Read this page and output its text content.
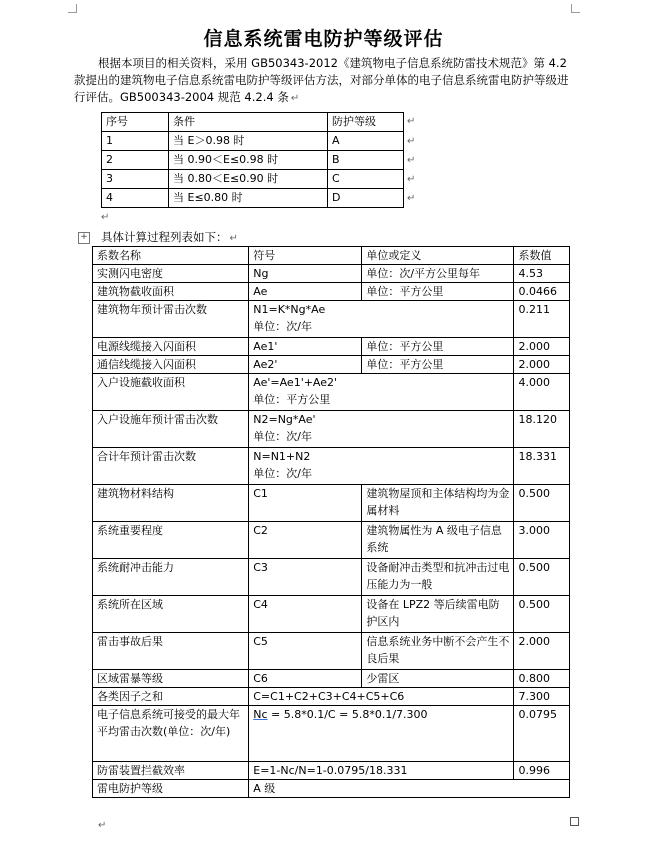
信息系统雷电防护等级评估
根据本项目的相关资料，采用 GB50343-2012《建筑物电子信息系统防雷技术规范》第 4.2 款提出的建筑物电子信息系统雷电防护等级评估方法，对部分单体的电子信息系统雷电防护等级进行评估。GB500343-2004 规范 4.2.4 条 ↵
序号	条件	防护等级
1	当 E＞0.98 时	A
2	当 0.90＜E≤0.98 时	B
3	当 0.80＜E≤0.90 时	C
4	当 E≤0.80 时	D
↵
↵
↵
↵
↵
↵
+ 具体计算过程列表如下： ↵
系数名称	符号	单位或定义	系数值
实测闪电密度	Ng	单位：次/平方公里每年	4.53
建筑物截收面积	Ae	单位：平方公里	0.0466
建筑物年预计雷击次数	N1=K*Ng*Ae
单位：次/年		0.211
电源线缆接入闪面积	Ae1'	单位：平方公里	2.000
通信线缆接入闪面积	Ae2'	单位：平方公里	2.000
入户设施截收面积	Ae'=Ae1'+Ae2'
单位：平方公里		4.000
入户设施年预计雷击次数	N2=Ng*Ae'
单位：次/年		18.120
合计年预计雷击次数	N=N1+N2
单位：次/年		18.331
建筑物材料结构	C1	建筑物屋顶和主体结构均为金属材料	0.500
系统重要程度	C2	建筑物属性为 A 级电子信息系统	3.000
系统耐冲击能力	C3	设备耐冲击类型和抗冲击过电压能力为一般	0.500
系统所在区域	C4	设备在 LPZ2 等后续雷电防护区内	0.500
雷击事故后果	C5	信息系统业务中断不会产生不良后果	2.000
区域雷暴等级	C6	少雷区	0.800
各类因子之和	C=C1+C2+C3+C4+C5+C6		7.300
电子信息系统可接受的最大年平均雷击次数(单位：次/年)	Nc = 5.8*0.1/C = 5.8*0.1/7.300		0.0795
防雷装置拦截效率	E=1-Nc/N=1-0.0795/18.331		0.996
雷电防护等级	A 级		
↵
